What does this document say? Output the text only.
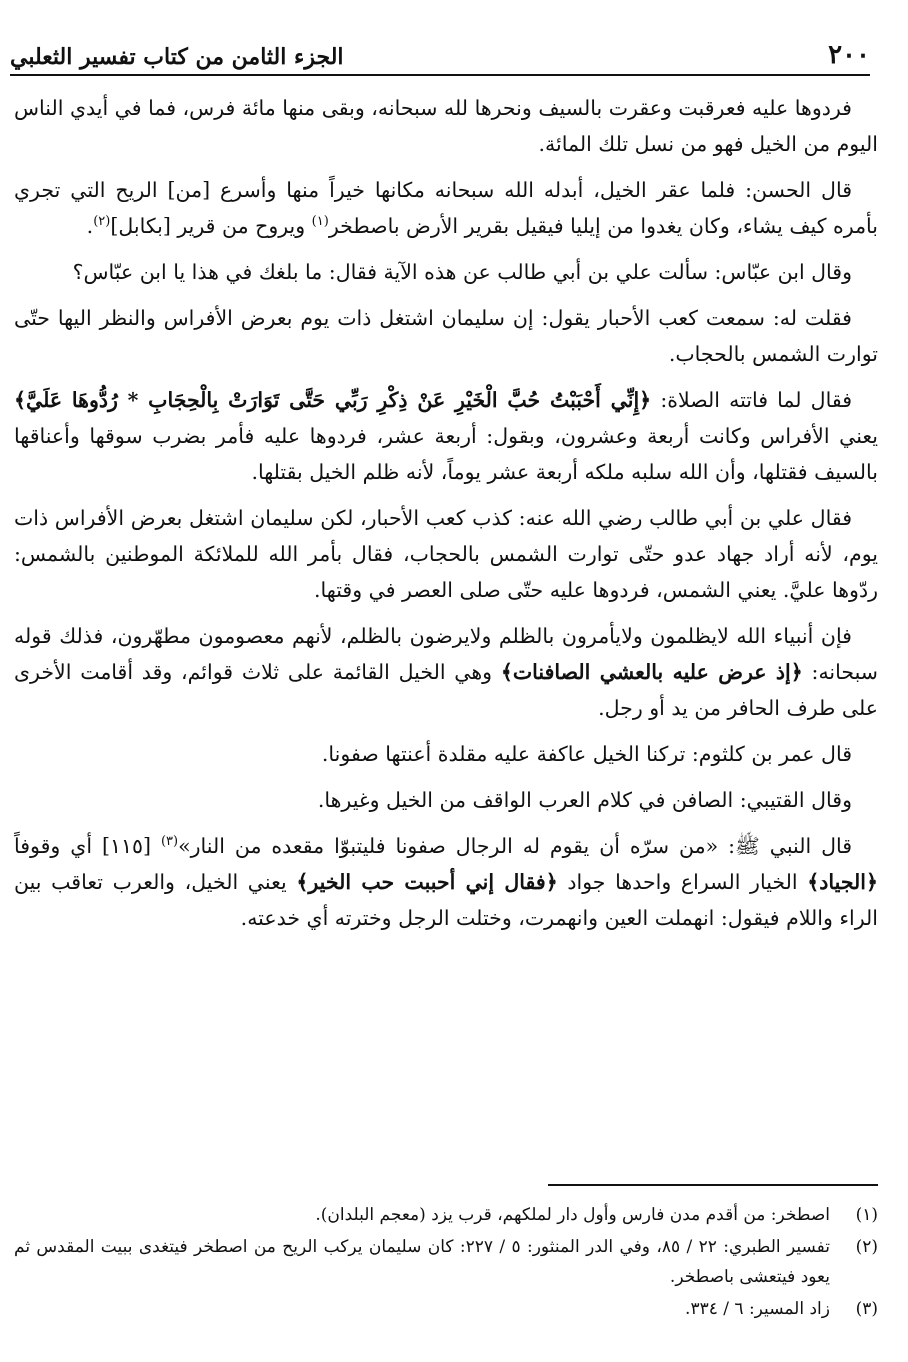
الجزء الثامن من كتاب تفسير الثعلبي	٢٠٠

فردوها عليه فعرقبت وعقرت بالسيف ونحرها لله سبحانه، وبقى منها مائة فرس، فما في أيدي الناس اليوم من الخيل فهو من نسل تلك المائة.

قال الحسن: فلما عقر الخيل، أبدله الله سبحانه مكانها خيراً منها وأسرع [من] الريح التي تجري بأمره كيف يشاء، وكان يغدوا من إيليا فيقيل بقرير الأرض باصطخر$^{(١)}$ ويروح من قرير [بكابل]$^{(٢)}$.

وقال ابن عبّاس: سألت علي بن أبي طالب عن هذه الآية فقال: ما بلغك في هذا يا ابن عبّاس؟

فقلت له: سمعت كعب الأحبار يقول: إن سليمان اشتغل ذات يوم بعرض الأفراس والنظر اليها حتّى توارت الشمس بالحجاب.

فقال لما فاتته الصلاة: ﴿إِنِّي أَحْبَبْتُ حُبَّ الْخَيْرِ عَنْ ذِكْرِ رَبِّي حَتَّى تَوَارَتْ بِالْحِجَابِ * رُدُّوهَا عَلَيَّ﴾ يعني الأفراس وكانت أربعة وعشرون، وبقول: أربعة عشر، فردوها عليه فأمر بضرب سوقها وأعناقها بالسيف فقتلها، وأن الله سلبه ملكه أربعة عشر يوماً، لأنه ظلم الخيل بقتلها.

فقال علي بن أبي طالب رضي الله عنه: كذب كعب الأحبار، لكن سليمان اشتغل بعرض الأفراس ذات يوم، لأنه أراد جهاد عدو حتّى توارت الشمس بالحجاب، فقال بأمر الله للملائكة الموطنين بالشمس: ردّوها عليَّ. يعني الشمس، فردوها عليه حتّى صلى العصر في وقتها.

فإن أنبياء الله لايظلمون ولايأمرون بالظلم ولايرضون بالظلم، لأنهم معصومون مطهّرون، فذلك قوله سبحانه: ﴿إذ عرض عليه بالعشي الصافنات﴾ وهي الخيل القائمة على ثلاث قوائم، وقد أقامت الأخرى على طرف الحافر من يد أو رجل.

قال عمر بن كلثوم: تركنا الخيل عاكفة عليه مقلدة أعنتها صفونا.

وقال القتيبي: الصافن في كلام العرب الواقف من الخيل وغيرها.

قال النبي ﷺ: «من سرّه أن يقوم له الرجال صفونا فليتبوّا مقعده من النار»$^{(٣)}$ [١١٥] أي وقوفاً ﴿الجياد﴾ الخيار السراع واحدها جواد ﴿فقال إني أحببت حب الخير﴾ يعني الخيل، والعرب تعاقب بين الراء واللام فيقول: انهملت العين وانهمرت، وختلت الرجل وخترته أي خدعته.

(١)
اصطخر: من أقدم مدن فارس وأول دار لملكهم، قرب يزد (معجم البلدان).
(٢)
تفسير الطبري: ٢٢ / ٨٥، وفي الدر المنثور: ٥ / ٢٢٧: كان سليمان يركب الريح من اصطخر فيتغدى ببيت المقدس ثم يعود فيتعشى باصطخر.
(٣)
زاد المسير: ٦ / ٣٣٤.
